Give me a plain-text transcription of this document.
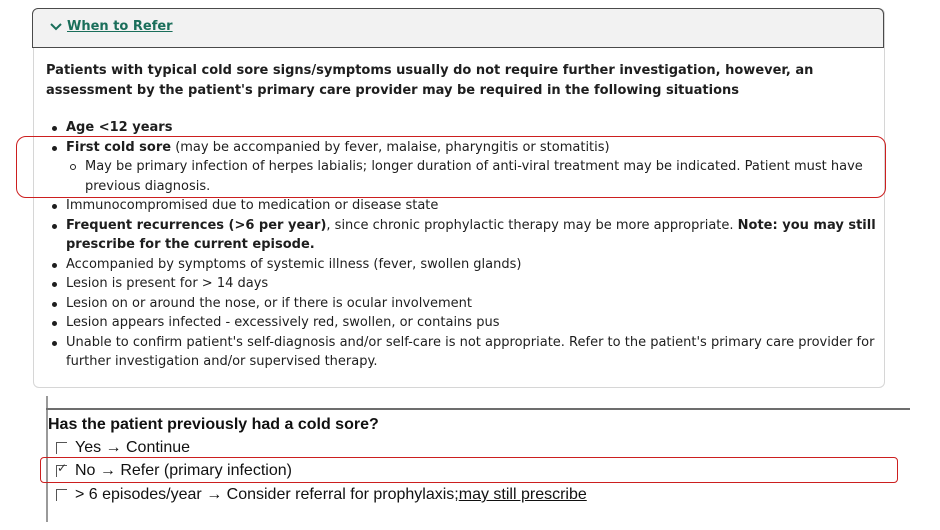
When to Refer
Patients with typical cold sore signs/symptoms usually do not require further investigation, however, an assessment by the patient's primary care provider may be required in the following situations
Age <12 years
First cold sore (may be accompanied by fever, malaise, pharyngitis or stomatitis)
May be primary infection of herpes labialis; longer duration of anti-viral treatment may be indicated. Patient must have previous diagnosis.
Immunocompromised due to medication or disease state
Frequent recurrences (>6 per year), since chronic prophylactic therapy may be more appropriate. Note: you may still prescribe for the current episode.
Accompanied by symptoms of systemic illness (fever, swollen glands)
Lesion is present for > 14 days
Lesion on or around the nose, or if there is ocular involvement
Lesion appears infected - excessively red, swollen, or contains pus
Unable to confirm patient's self-diagnosis and/or self-care is not appropriate. Refer to the patient's primary care provider for further investigation and/or supervised therapy.
Has the patient previously had a cold sore?
Yes → Continue
✓
No → Refer (primary infection)
> 6 episodes/year → Consider referral for prophylaxis; may still prescribe
